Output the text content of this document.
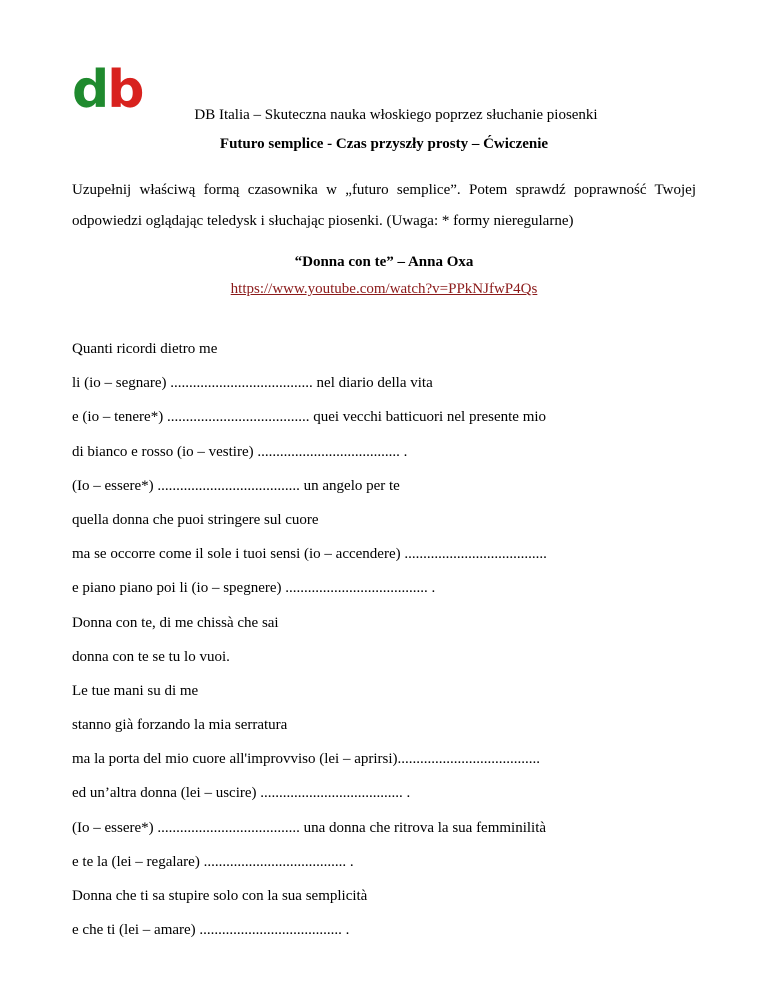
db	DB Italia – Skuteczna nauka włoskiego poprzez słuchanie piosenki
Futuro semplice - Czas przyszły prosty – Ćwiczenie
Uzupełnij właściwą formą czasownika w „futuro semplice”. Potem sprawdź poprawność Twojej odpowiedzi oglądając teledysk i słuchając piosenki. (Uwaga: * formy nieregularne)
“Donna con te” – Anna Oxa
https://www.youtube.com/watch?v=PPkNJfwP4Qs
Quanti ricordi dietro me
li (io – segnare) ...................................... nel diario della vita
e (io – tenere*) ...................................... quei vecchi batticuori nel presente mio
di bianco e rosso (io – vestire) ...................................... .
(Io – essere*) ...................................... un angelo per te
quella donna che puoi stringere sul cuore
ma se occorre come il sole i tuoi sensi (io – accendere) ......................................
e piano piano poi li (io – spegnere) ...................................... .
Donna con te, di me chissà che sai
donna con te se tu lo vuoi.
Le tue mani su di me
stanno già forzando la mia serratura
ma la porta del mio cuore all'improvviso (lei – aprirsi)......................................
ed un’altra donna (lei – uscire) ...................................... .
(Io – essere*) ...................................... una donna che ritrova la sua femminilità
e te la (lei – regalare) ...................................... .
Donna che ti sa stupire solo con la sua semplicità
e che ti (lei – amare) ...................................... .
